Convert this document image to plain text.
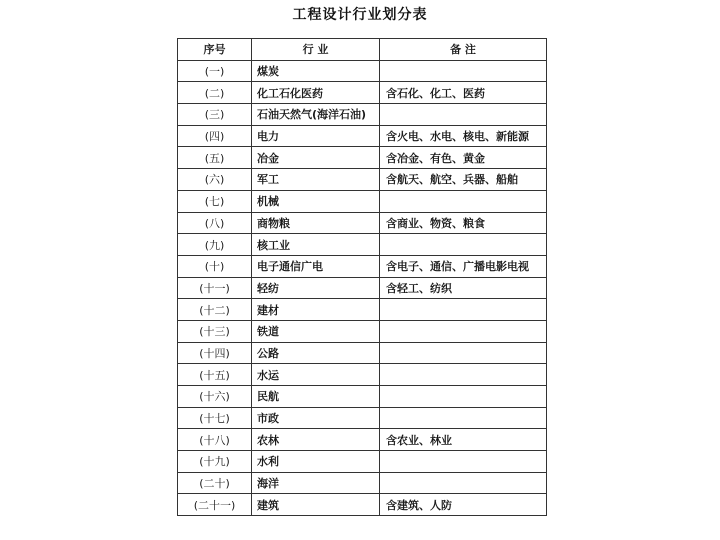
工程设计行业划分表
序号	行 业	备 注
(一)	煤炭	
(二)	化工石化医药	含石化、化工、医药
(三)	石油天然气(海洋石油)	
(四)	电力	含火电、水电、核电、新能源
(五)	冶金	含冶金、有色、黄金
(六)	军工	含航天、航空、兵器、船舶
(七)	机械	
(八)	商物粮	含商业、物资、粮食
(九)	核工业	
(十)	电子通信广电	含电子、通信、广播电影电视
(十一)	轻纺	含轻工、纺织
(十二)	建材	
(十三)	铁道	
(十四)	公路	
(十五)	水运	
(十六)	民航	
(十七)	市政	
(十八)	农林	含农业、林业
(十九)	水利	
(二十)	海洋	
(二十一)	建筑	含建筑、人防
